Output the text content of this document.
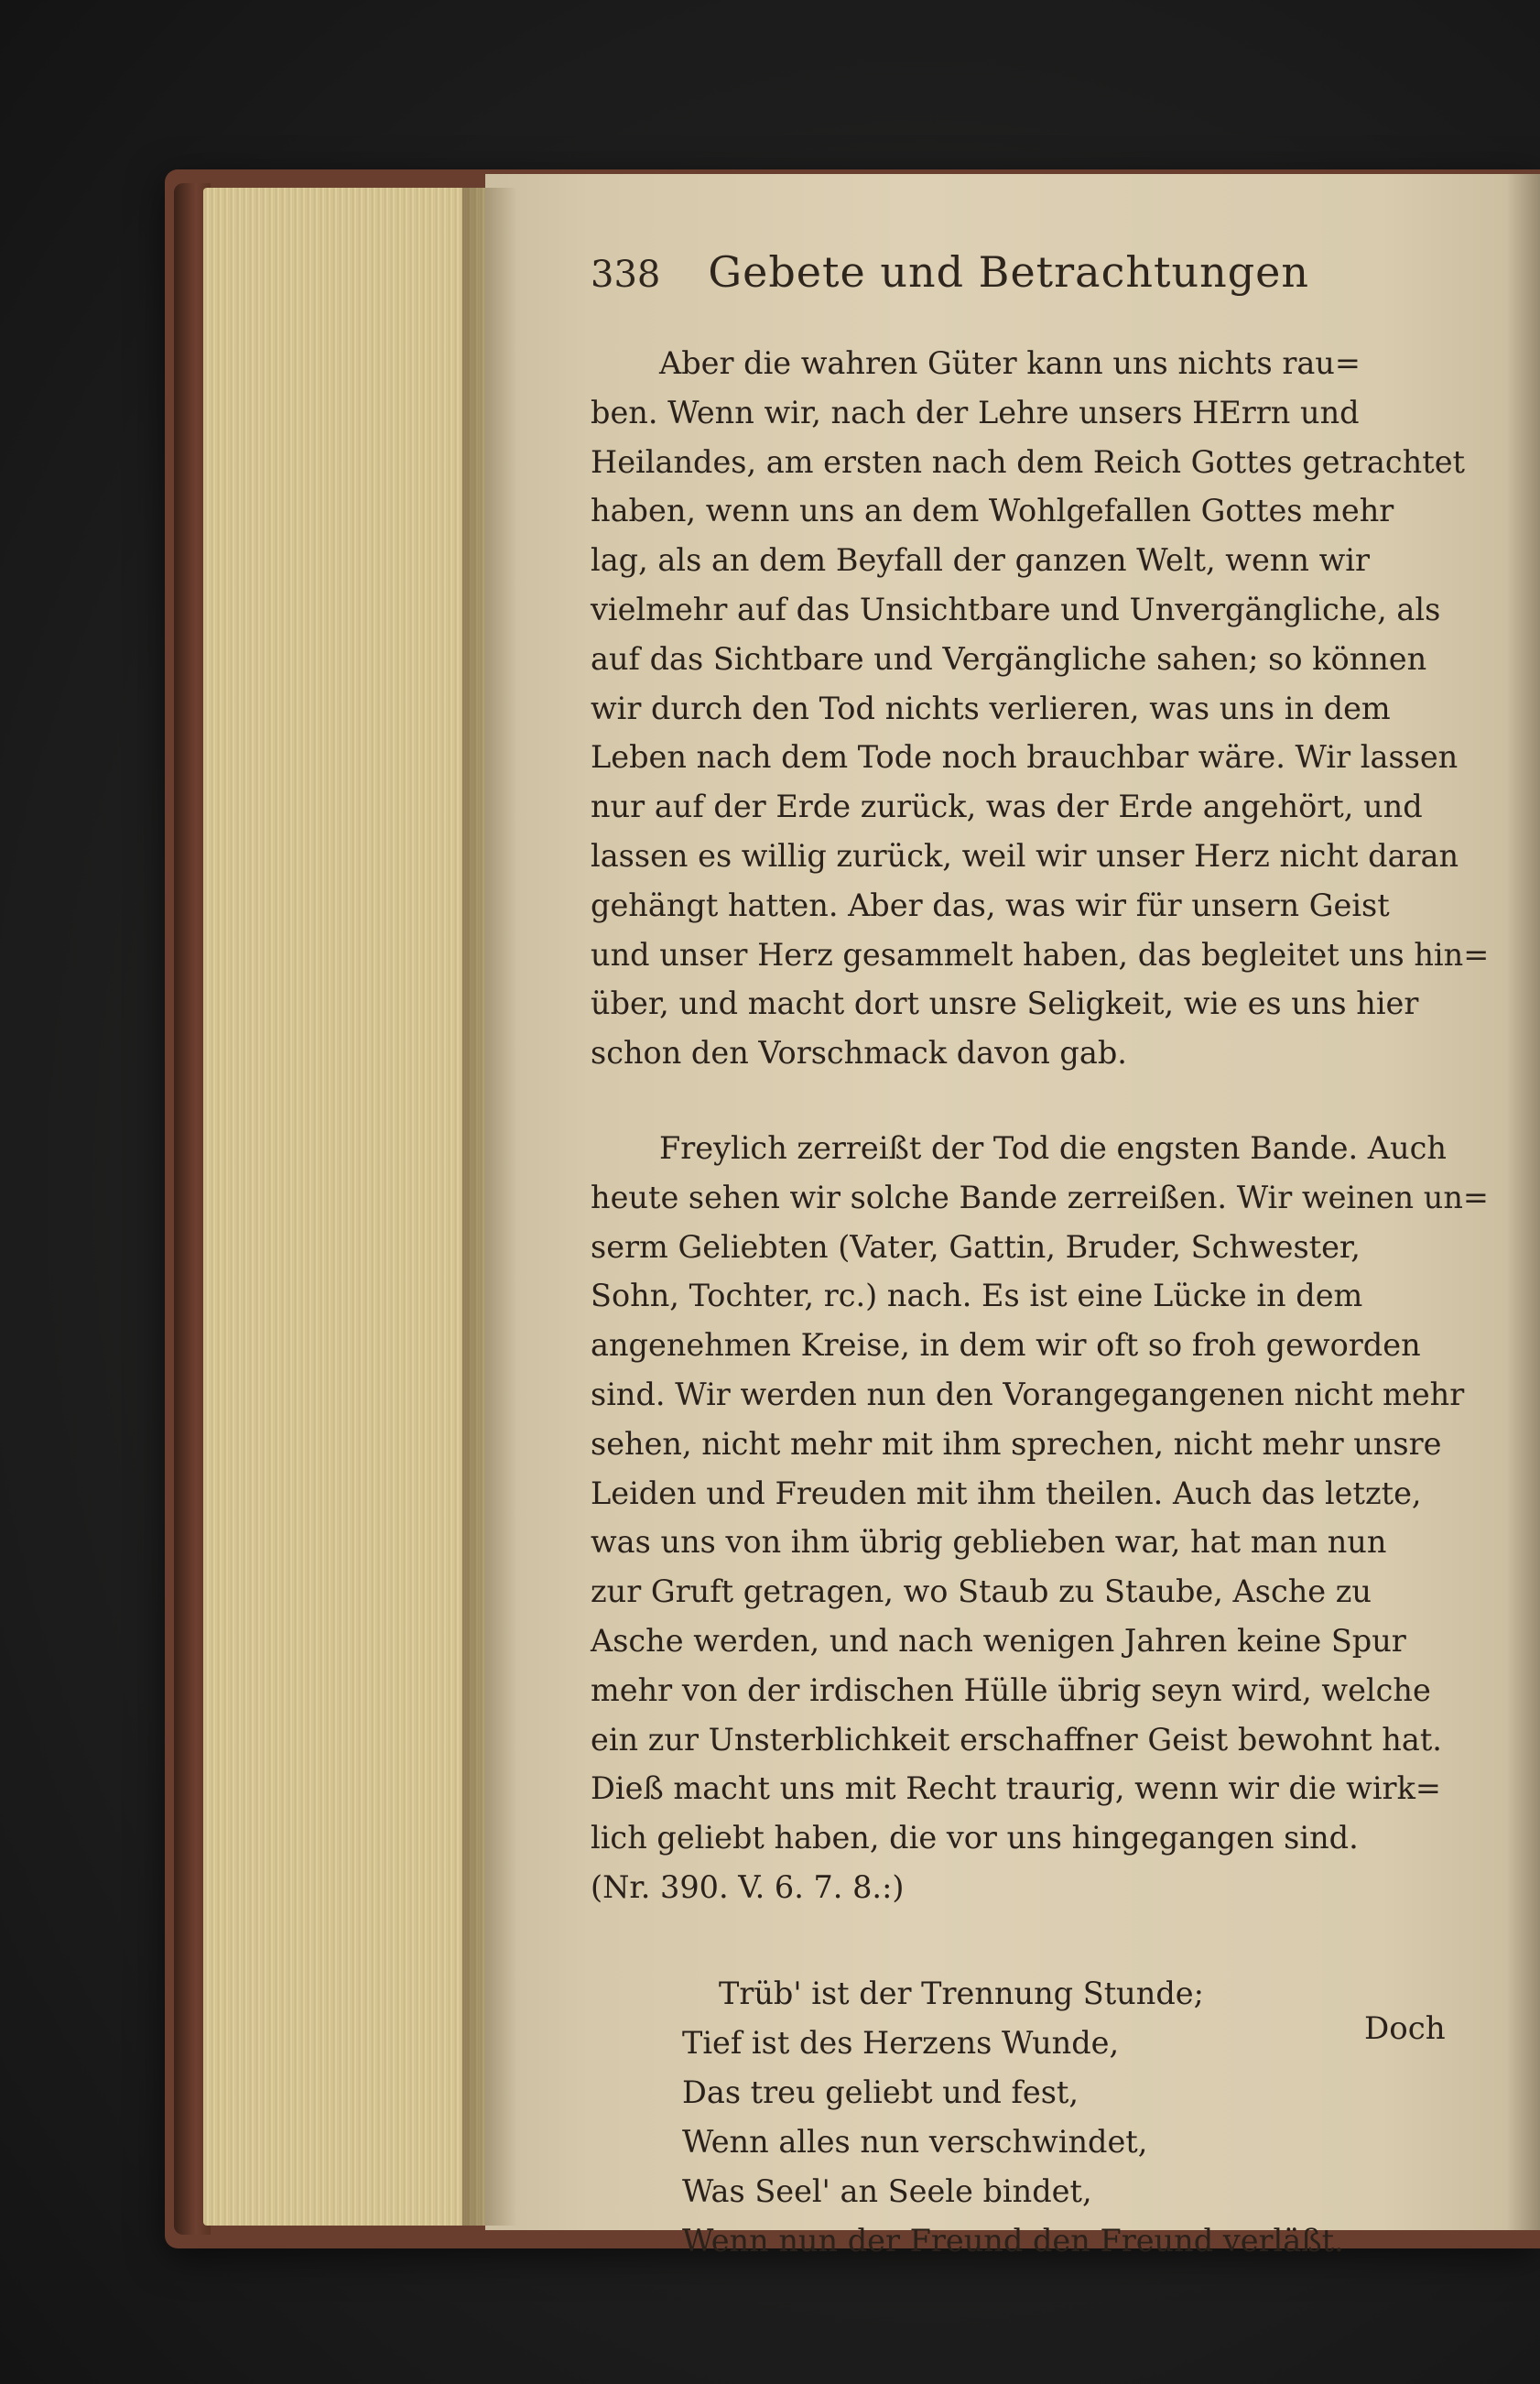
338 Gebete und Betrachtungen

Aber die wahren Güter kann uns nichts rau=
ben. Wenn wir, nach der Lehre unsers HErrn und
Heilandes, am ersten nach dem Reich Gottes getrachtet
haben, wenn uns an dem Wohlgefallen Gottes mehr
lag, als an dem Beyfall der ganzen Welt, wenn wir
vielmehr auf das Unsichtbare und Unvergängliche, als
auf das Sichtbare und Vergängliche sahen; so können
wir durch den Tod nichts verlieren, was uns in dem
Leben nach dem Tode noch brauchbar wäre. Wir lassen
nur auf der Erde zurück, was der Erde angehört, und
lassen es willig zurück, weil wir unser Herz nicht daran
gehängt hatten. Aber das, was wir für unsern Geist
und unser Herz gesammelt haben, das begleitet uns hin=
über, und macht dort unsre Seligkeit, wie es uns hier
schon den Vorschmack davon gab.

Freylich zerreißt der Tod die engsten Bande. Auch
heute sehen wir solche Bande zerreißen. Wir weinen un=
serm Geliebten (Vater, Gattin, Bruder, Schwester,
Sohn, Tochter, rc.) nach. Es ist eine Lücke in dem
angenehmen Kreise, in dem wir oft so froh geworden
sind. Wir werden nun den Vorangegangenen nicht mehr
sehen, nicht mehr mit ihm sprechen, nicht mehr unsre
Leiden und Freuden mit ihm theilen. Auch das letzte,
was uns von ihm übrig geblieben war, hat man nun
zur Gruft getragen, wo Staub zu Staube, Asche zu
Asche werden, und nach wenigen Jahren keine Spur
mehr von der irdischen Hülle übrig seyn wird, welche
ein zur Unsterblichkeit erschaffner Geist bewohnt hat.
Dieß macht uns mit Recht traurig, wenn wir die wirk=
lich geliebt haben, die vor uns hingegangen sind.
(Nr. 390. V. 6. 7. 8.:)

Trüb' ist der Trennung Stunde;
Tief ist des Herzens Wunde,
Das treu geliebt und fest,
Wenn alles nun verschwindet,
Was Seel' an Seele bindet,
Wenn nun der Freund den Freund verläßt.
Doch
